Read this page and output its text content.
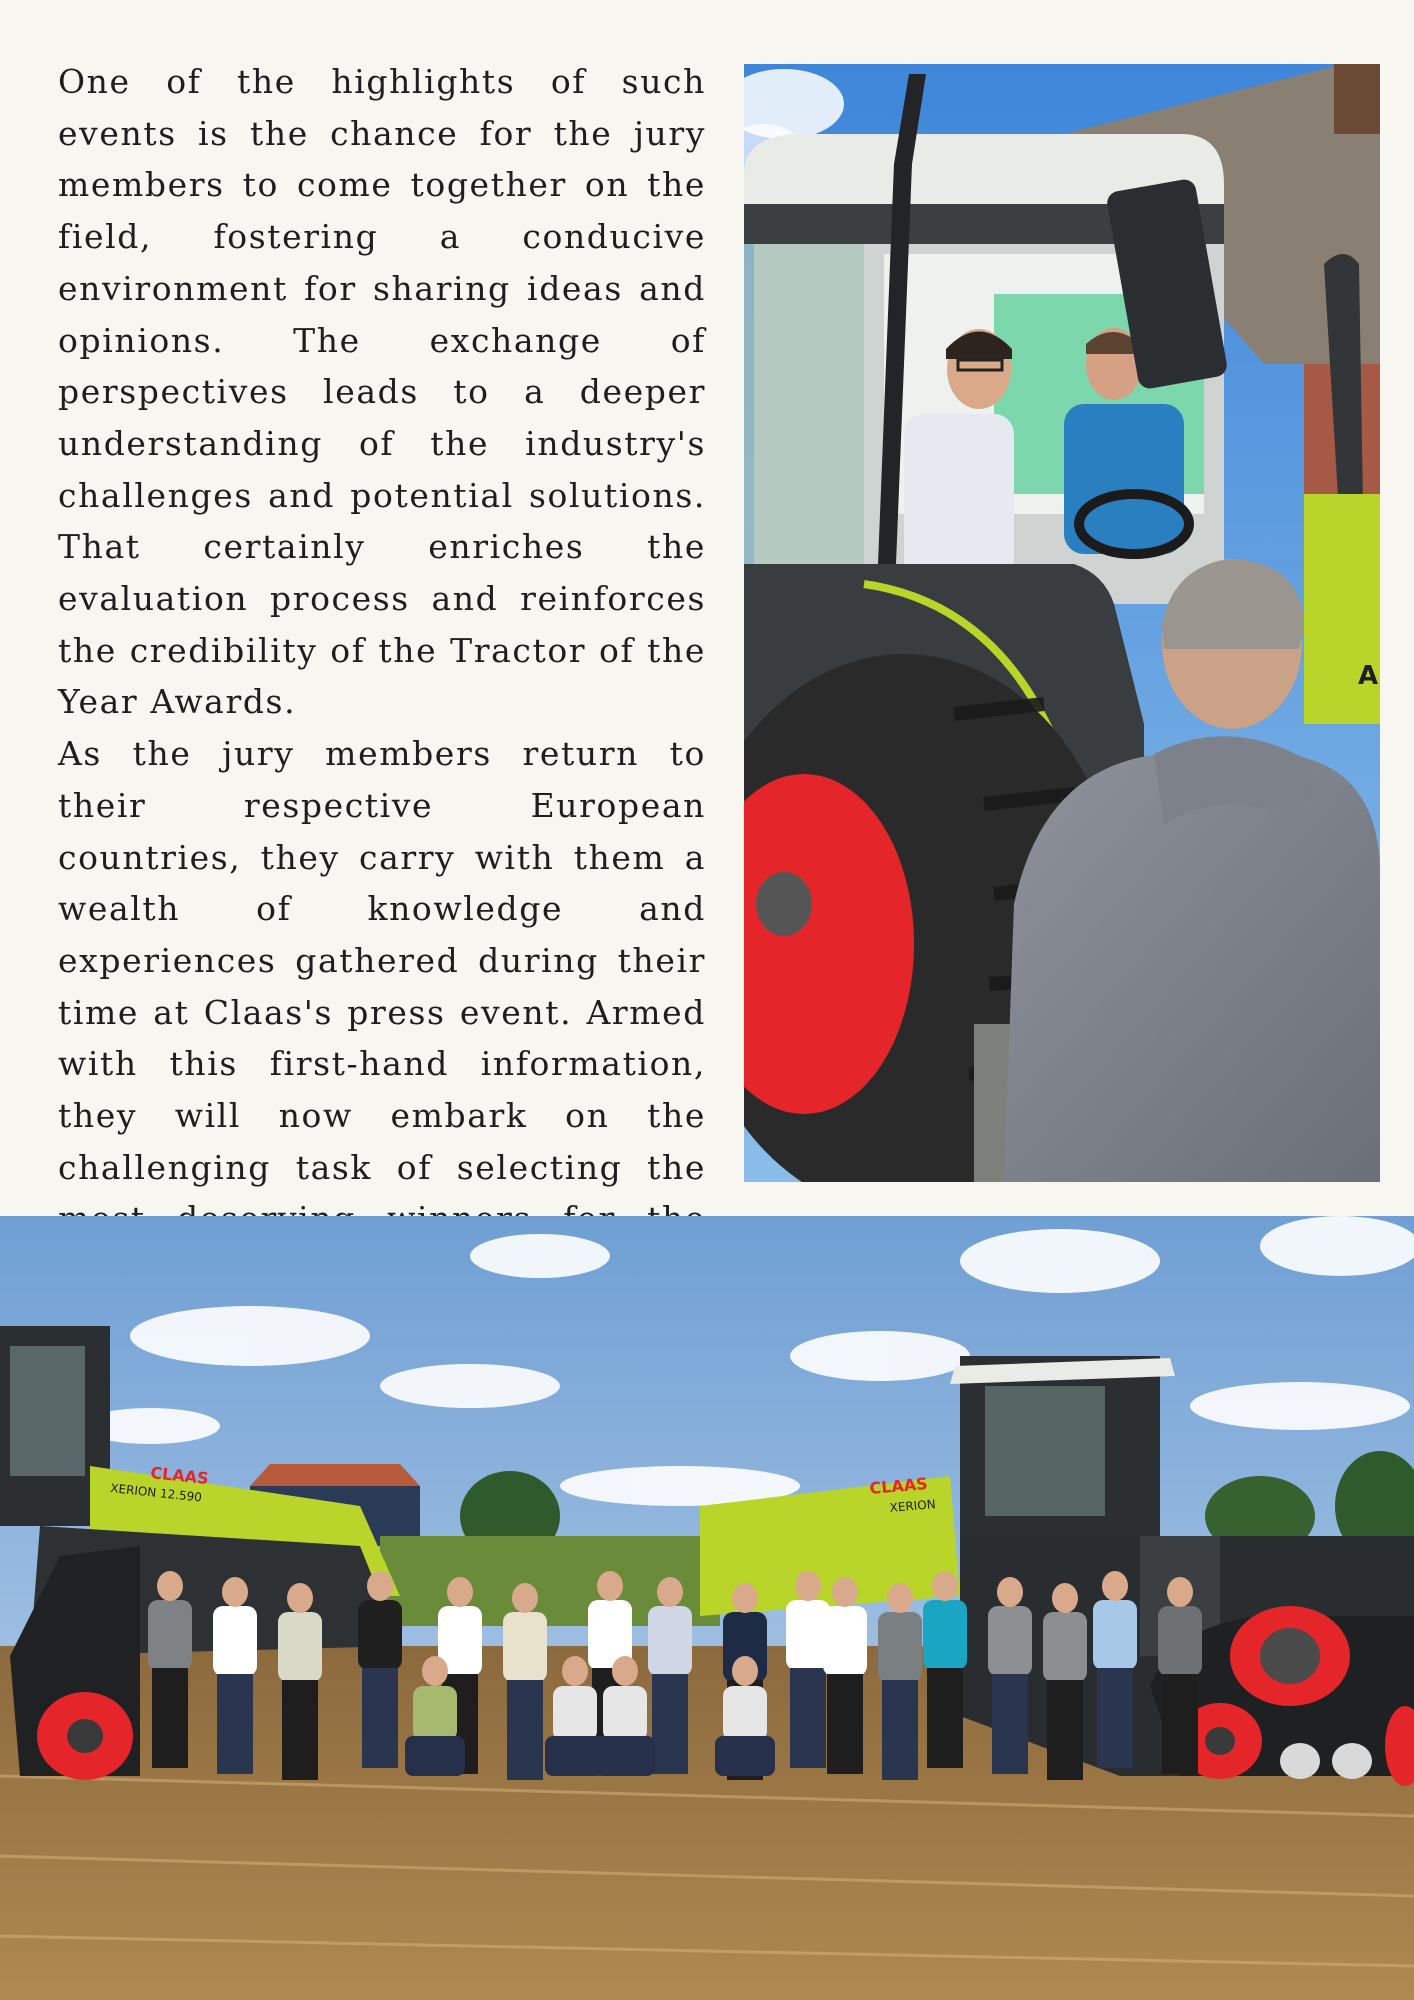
One of the highlights of such events is the chance for the jury members to come together on the field, fostering a conducive environment for sharing ideas and opinions. The exchange of perspectives leads to a deeper understanding of the industry's challenges and potential solutions. That certainly enriches the evaluation process and reinforces the credibility of the Tractor of the Year Awards.

As the jury members return to their respective European countries, they carry with them a wealth of knowledge and experiences gathered during their time at Claas's press event. Armed with this first-hand information, they will now embark on the challenging task of selecting the

A
CLAAS
XERION 12.590	CLAAS
XERION
